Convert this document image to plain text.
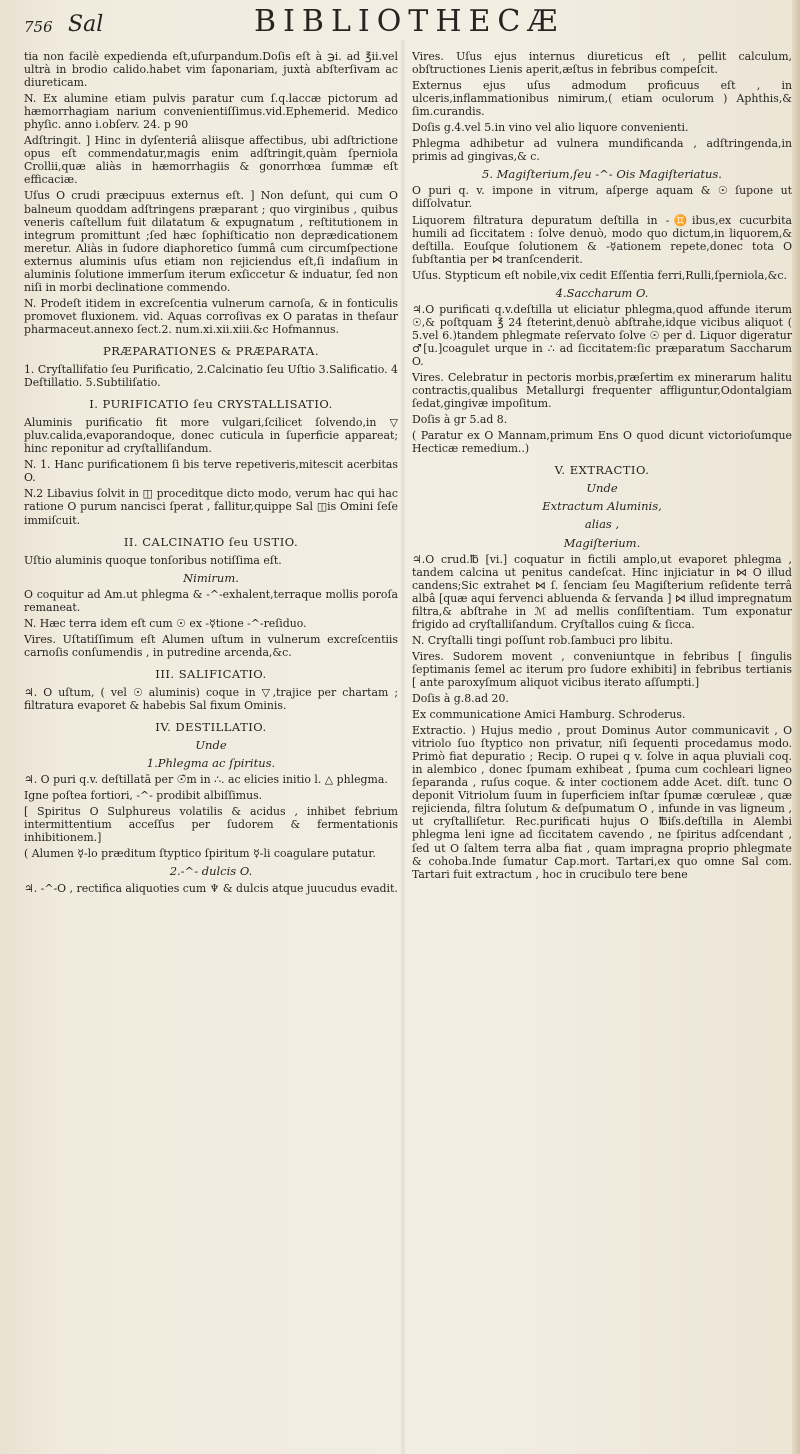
756 Sal	BIBLIOTHECÆ

tia non facilè expedienda eſt,uſurpandum.Doſis eſt à ℈i. ad ℥ii.vel ultrà in brodio calido.habet vim ſaponariam, juxtà abſterſivam ac diureticam.

N. Ex alumine etiam pulvis paratur cum ſ.q.laccæ pictorum ad hæmorrhagiam narium convenientiſſimus.vid.Ephemerid. Medico phyſic. anno i.obſerv. 24. p 90

Adſtringit. ] Hinc in dyſenteriâ aliisque affectibus, ubi adſtrictione opus eſt commendatur,magis enim adſtringit,quàm ſperniola Crollii,quæ aliàs in hæmorrhagiis & gonorrhœa ſummæ eſt efficaciæ.

Uſus O crudi præcipuus externus eſt. ] Non deſunt, qui cum O balneum quoddam adſtringens præparant ; quo virginibus , quibus veneris caſtellum fuit dilatatum & expugnatum , reſtitutionem in integrum promittunt ;ſed hæc ſophiſticatio non deprædicationem meretur. Aliàs in ſudore diaphoretico ſummâ cum circumſpectione externus aluminis uſus etiam non rejiciendus eſt,ſi indaſium in aluminis ſolutione immerſum iterum exſiccetur & induatur, ſed non niſi in morbi declinatione commendo.

N. Prodeſt itidem in excreſcentia vulnerum carnoſa, & in fonticulis promovet fluxionem. vid. Aquas corroſivas ex O paratas in theſaur pharmaceut.annexo ſect.2. num.xi.xii.xiii.&c Hofmannus.

PRÆPARATIONES & PRÆPARATA.

1. Cryſtallifatio ſeu Purificatio, 2.Calcinatio ſeu Uſtio 3.Salificatio. 4 Deſtillatio. 5.Subtiliſatio.

I. PURIFICATIO ſeu CRYSTALLISATIO.

Aluminis purificatio fit more vulgari,ſcilicet ſolvendo,in ▽ pluv.calida,evaporandoque, donec cuticula in ſuperficie appareat; hinc reponitur ad cryſtalliſandum.

N. 1. Hanc purificationem ſi bis terve repetiveris,mitescit acerbitas O.

N.2 Libavius ſolvit in ◫ proceditque dicto modo, verum hac qui hac ratione O purum nancisci ſperat , fallitur,quippe Sal ◫is Omini ſeſe immiſcuit.

II. CALCINATIO ſeu USTIO.

Uſtio aluminis quoque tonſoribus notiſſima eſt.

Nimirum.

O coquitur ad Am.ut phlegma & -^-exhalent,terraque mollis poroſa remaneat.

N. Hæc terra idem eſt cum ☉ ex -☿tione -^-reſiduo.

Vires. Uſtatiſſimum eſt Alumen uſtum in vulnerum excreſcentiis carnoſis conſumendis , in putredine arcenda,&c.

III. SALIFICATIO.

♃. O uſtum, ( vel ☉ aluminis) coque in ▽,trajice per chartam ; filtratura evaporet & habebis Sal fixum Ominis.

IV. DESTILLATIO.
Unde
1.Phlegma ac ſpiritus.

♃. O puri q.v. deſtillatā per ☉̃m in ∴. ac elicies initio l. △ phlegma.

Igne poſtea fortiori, -^- prodibit albiſſimus.

[ Spiritus O Sulphureus volatilis & acidus , inhibet febrium intermittentium acceſſus per ſudorem & fermentationis inhibitionem.]

( Alumen ☿-lo præditum ſtyptico ſpiritum ☿-li coagulare putatur.

2.-^- dulcis O.

♃. -^-O , rectifica aliquoties cum ♆ & dulcis atque juucudus evadit.

Vires. Uſus ejus internus diureticus eſt , pellit calculum, obſtructiones Lienis aperit,æſtus in febribus compeſcit.

Externus ejus uſus admodum proficuus eſt , in ulceris,inflammationibus nimirum,( etiam oculorum ) Aphthis,& ſim.curandis.

Doſis g.4.vel 5.in vino vel alio liquore convenienti.

Phlegma adhibetur ad vulnera mundificanda , adſtringenda,in primis ad gingivas,& c.

5. Magiſterium,ſeu -^- Ois Magiſteriatus.

O puri q. v. impone in vitrum, aſperge aquam & ☉ ſupone ut diſſolvatur.

Liquorem filtratura depuratum deſtilla in -♊ibus,ex cucurbita humili ad ſiccitatem : ſolve denuò, modo quo dictum,in liquorem,& deſtilla. Eouſque ſolutionem & -☿ationem repete,donec tota O ſubſtantia per ⋈ tranſcenderit.

Uſus. Stypticum eſt nobile,vix cedit Eſſentia ferri,Rulli,ſperniola,&c.

4.Saccharum O.

♃.O purificati q.v.deſtilla ut eliciatur phlegma,quod affunde iterum ☉,& poſtquam ℥ 24 ſteterint,denuò abſtrahe,idque vicibus aliquot ( 5.vel 6.)tandem phlegmate reſervato ſolve ☉ per d. Liquor digeratur ♂[u.]coagulet urque in ∴ ad ſiccitatem:ſic præparatum Saccharum O.

Vires. Celebratur in pectoris morbis,præſertim ex minerarum halitu contractis,qualibus Metallurgi frequenter affliguntur,Odontalgiam ſedat,gingivæ impoſitum.

Doſis à gr 5.ad 8.

( Paratur ex O Mannam,primum Ens O quod dicunt victorioſumque Hecticæ remedium..)

V. EXTRACTIO.
Unde
Extractum Aluminis,
alias ,
Magiſterium.

♃.O crud.℔ [vi.] coquatur in fictili amplo,ut evaporet phlegma , tandem calcina ut penitus candeſcat. Hinc injiciatur in ⋈ O illud candens;Sic extrahet ⋈ ſ. ſenciam ſeu Magiſterium reſidente terrâ albâ [quæ aqui fervenci abluenda & ſervanda ] ⋈ illud impregnatum filtra,& abſtrahe in ℳ ad mellis conſiſtentiam. Tum exponatur frigido ad cryſtalliſandum. Cryſtallos cuing & ſicca.

N. Cryſtalli tingi poſſunt rob.ſambuci pro libitu.

Vires. Sudorem movent , conveniuntque in febribus [ ſingulis ſeptimanis ſemel ac iterum pro ſudore exhibiti] in febribus tertianis [ ante paroxyſmum aliquot vicibus iterato aſſumpti.]

Doſis à g.8.ad 20.

Ex communicatione Amici Hamburg. Schroderus.

Extractio. ) Hujus medio , prout Dominus Autor communicavit , O vitriolo ſuo ſtyptico non privatur, niſi ſequenti procedamus modo. Primò fiat depuratio ; Recip. O rupei q v. ſolve in aqua pluviali coq. in alembico , donec ſpumam exhibeat , ſpuma cum cochleari ligneo ſeparanda , ruſus coque. & inter coctionem adde Acet. diſt. tunc O deponit Vitriolum ſuum in ſuperficiem inſtar ſpumæ cœruleæ , quæ rejicienda, filtra ſolutum & deſpumatum O , infunde in vas ligneum , ut cryſtalliſetur. Rec.purificati hujus O ℔iſs.deſtilla in Alembi phlegma leni igne ad ſiccitatem cavendo , ne ſpiritus adſcendant , ſed ut O ſaltem terra alba fiat , quam impragna proprio phlegmate & cohoba.Inde ſumatur Cap.mort. Tartari,ex quo omne Sal com. Tartari fuit extractum , hoc in crucibulo tere bene
